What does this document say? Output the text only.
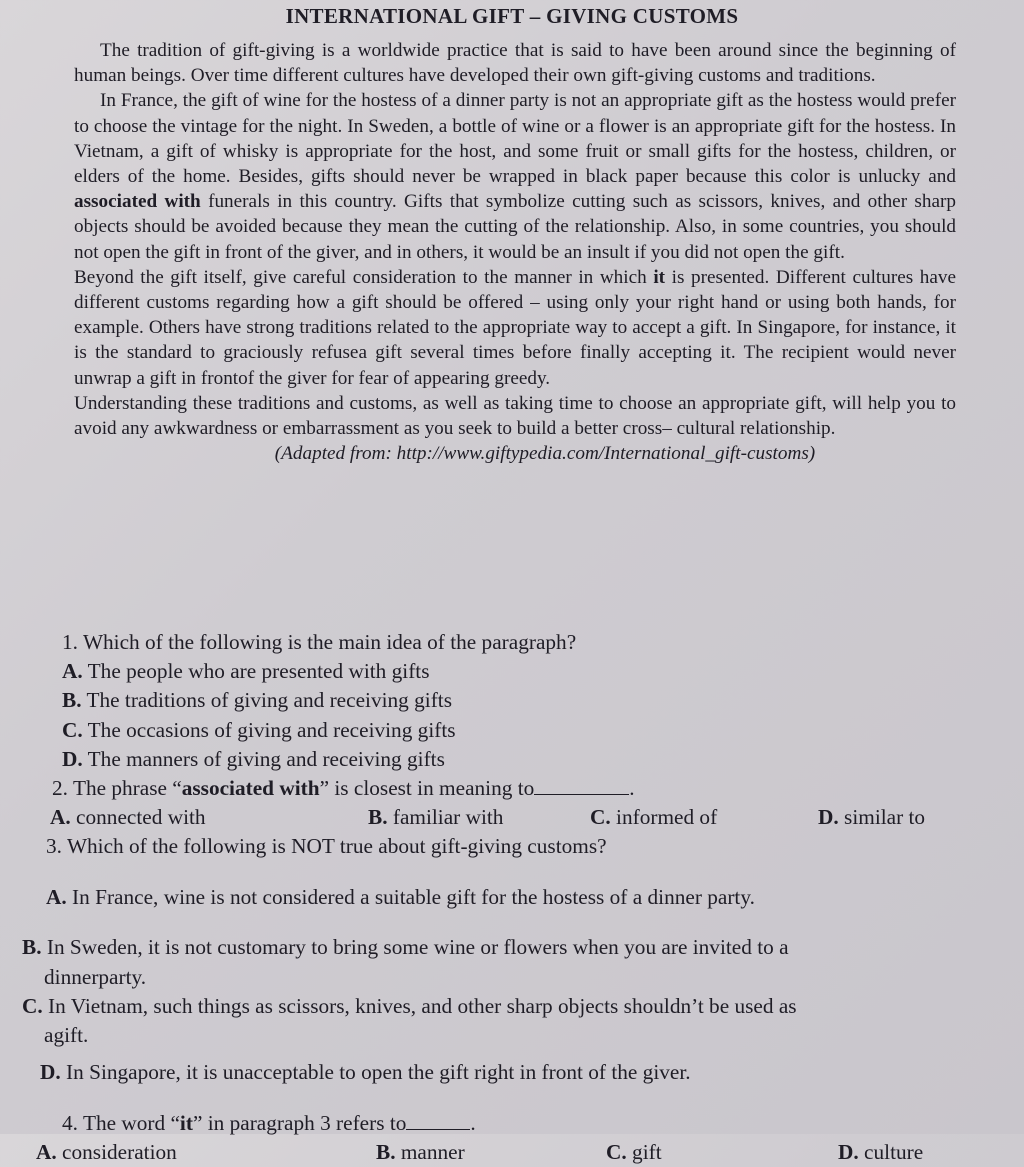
INTERNATIONAL GIFT – GIVING CUSTOMS

The tradition of gift-giving is a worldwide practice that is said to have been around since the beginning of human beings. Over time different cultures have developed their own gift-giving customs and traditions.

In France, the gift of wine for the hostess of a dinner party is not an appropriate gift as the hostess would prefer to choose the vintage for the night. In Sweden, a bottle of wine or a flower is an appropriate gift for the hostess. In Vietnam, a gift of whisky is appropriate for the host, and some fruit or small gifts for the hostess, children, or elders of the home. Besides, gifts should never be wrapped in black paper because this color is unlucky and associated with funerals in this country. Gifts that symbolize cutting such as scissors, knives, and other sharp objects should be avoided because they mean the cutting of the relationship. Also, in some countries, you should not open the gift in front of the giver, and in others, it would be an insult if you did not open the gift.

Beyond the gift itself, give careful consideration to the manner in which it is presented. Different cultures have different customs regarding how a gift should be offered – using only your right hand or using both hands, for example. Others have strong traditions related to the appropriate way to accept a gift. In Singapore, for instance, it is the standard to graciously refusea gift several times before finally accepting it. The recipient would never unwrap a gift in frontof the giver for fear of appearing greedy.

Understanding these traditions and customs, as well as taking time to choose an appropriate gift, will help you to avoid any awkwardness or embarrassment as you seek to build a better cross– cultural relationship.

(Adapted from: http://www.giftypedia.com/International_gift-customs)

1. Which of the following is the main idea of the paragraph?

A. The people who are presented with gifts

B. The traditions of giving and receiving gifts

C. The occasions of giving and receiving gifts

D. The manners of giving and receiving gifts

2. The phrase “associated with” is closest in meaning to	.

A. connected with	B. familiar with	C. informed of	D. similar to

3. Which of the following is NOT true about gift-giving customs?

A. In France, wine is not considered a suitable gift for the hostess of a dinner party.

B. In Sweden, it is not customary to bring some wine or flowers when you are invited to a
dinnerparty.
C. In Vietnam, such things as scissors, knives, and other sharp objects shouldn’t be used as
agift.

D. In Singapore, it is unacceptable to open the gift right in front of the giver.

4. The word “it” in paragraph 3 refers to	.

A. consideration	B. manner	C. gift	D. culture
